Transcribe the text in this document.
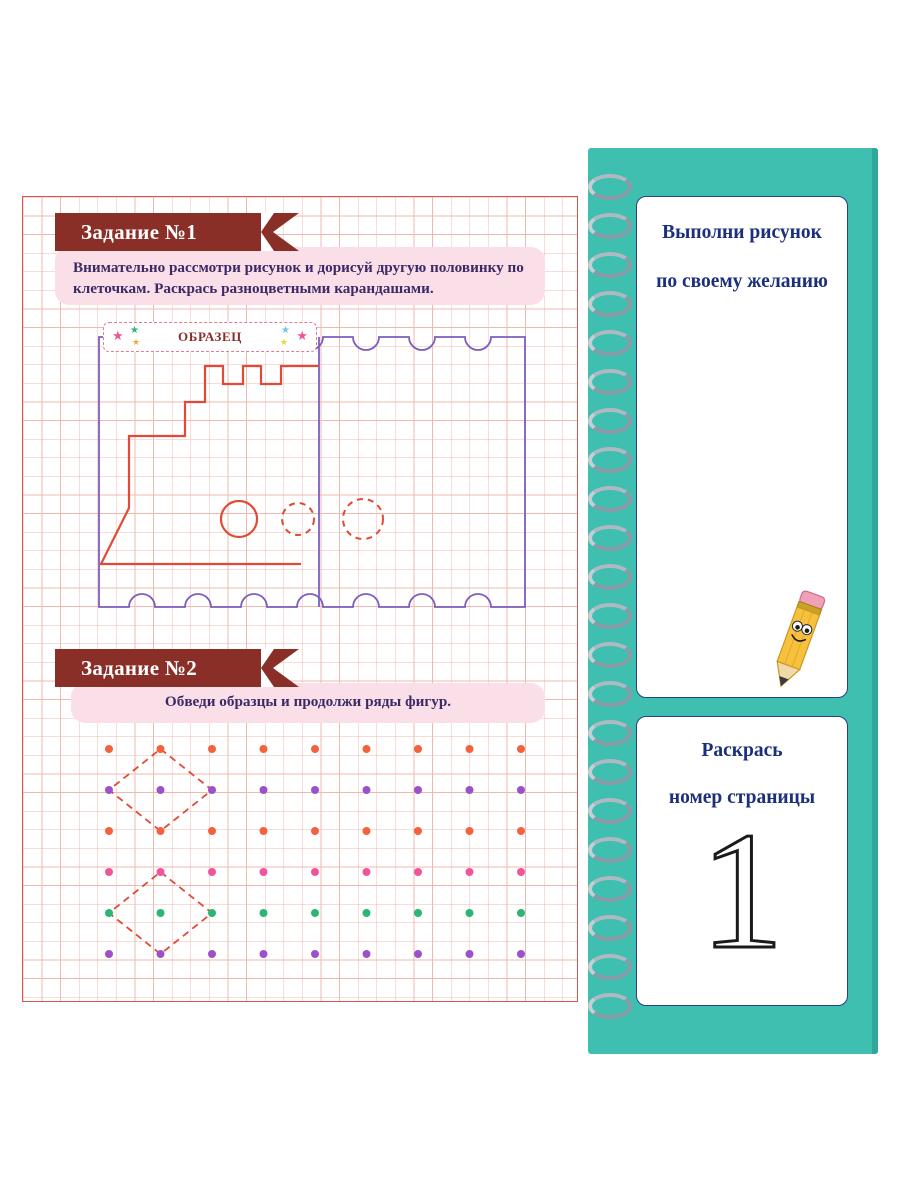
Задание №1

Внимательно рассмотри рисунок и дорисуй другую половинку по клеточкам. Раскрась разноцветными карандашами.

★ ★
★	ОБРАЗЕЦ	★
★ ★
Задание №2

Обведи образцы и продолжи ряды фигур.

Выполни рисунок

по своему желанию

Раскрась

номер страницы

1
